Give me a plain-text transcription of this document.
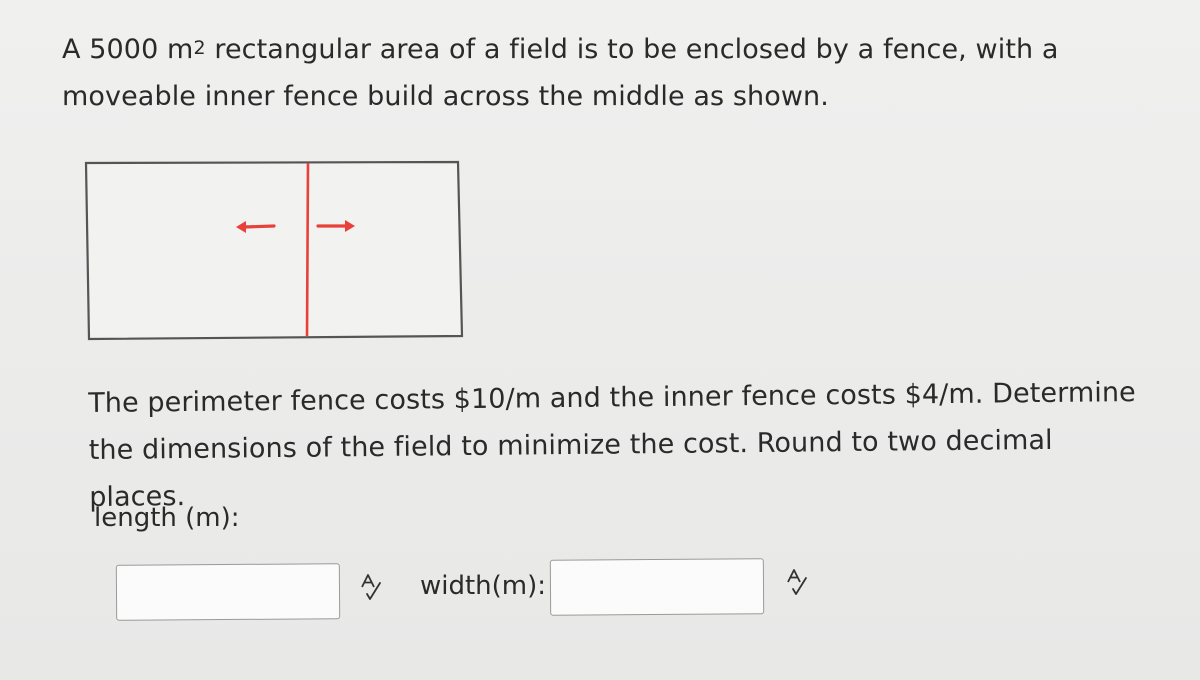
A 5000 $m^2$ rectangular area of a field is to be enclosed by a fence, with a moveable inner fence build across the middle as shown.
The perimeter fence costs $10/m and the inner fence costs $4/m. Determine the dimensions of the field to minimize the cost. Round to two decimal places.
length (m):
width(m):
